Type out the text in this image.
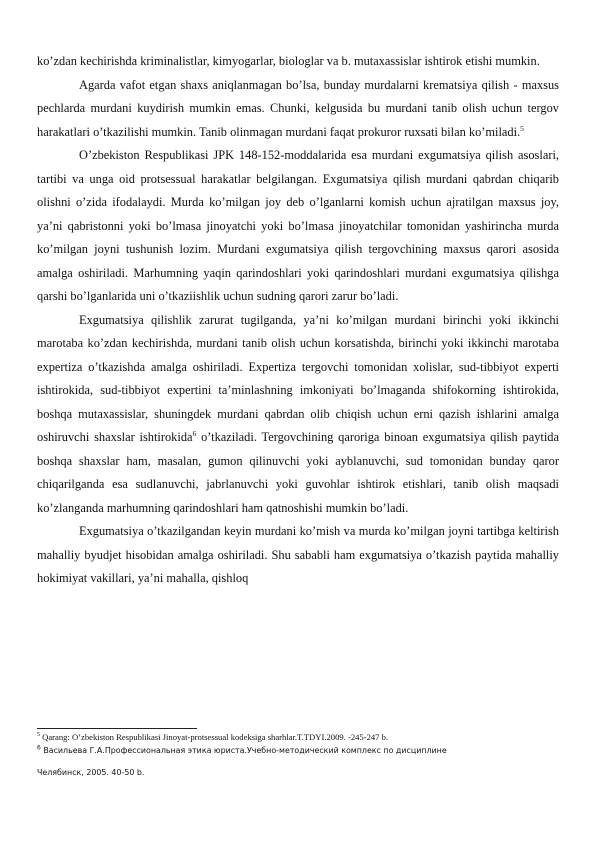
ko’zdan kechirishda kriminalistlar, kimyogarlar, biologlar va b. mutaxassislar ishtirok etishi mumkin.

Agarda vafot etgan shaxs aniqlanmagan bo’lsa, bunday murdalarni krematsiya qilish - maxsus pechlarda murdani kuydirish mumkin emas. Chunki, kelgusida bu murdani tanib olish uchun tergov harakatlari o’tkazilishi mumkin. Tanib olinmagan murdani faqat prokuror ruxsati bilan ko’miladi.$^5$

O’zbekiston Respublikasi JPK 148-152-moddalarida esa murdani exgumatsiya qilish asoslari, tartibi va unga oid protsessual harakatlar belgilangan. Exgumatsiya qilish murdani qabrdan chiqarib olishni o’zida ifodalaydi. Murda ko’milgan joy deb o’lganlarni komish uchun ajratilgan maxsus joy, ya’ni qabristonni yoki bo’lmasa jinoyatchi yoki bo’lmasa jinoyatchilar tomonidan yashirincha murda ko’milgan joyni tushunish lozim. Murdani exgumatsiya qilish tergovchining maxsus qarori asosida amalga oshiriladi. Marhumning yaqin qarindoshlari yoki qarindoshlari murdani exgumatsiya qilishga qarshi bo’lganlarida uni o’tkaziishlik uchun sudning qarori zarur bo’ladi.

Exgumatsiya qilishlik zarurat tugilganda, ya’ni ko’milgan murdani birinchi yoki ikkinchi marotaba ko’zdan kechirishda, murdani tanib olish uchun korsatishda, birinchi yoki ikkinchi marotaba expertiza o’tkazishda amalga oshiriladi. Expertiza tergovchi tomonidan xolislar, sud-tibbiyot experti ishtirokida, sud-tibbiyot expertini ta’minlashning imkoniyati bo’lmaganda shifokorning ishtirokida, boshqa mutaxassislar, shuningdek murdani qabrdan olib chiqish uchun erni qazish ishlarini amalga oshiruvchi shaxslar ishtirokida$^6$ o’tkaziladi. Tergovchining qaroriga binoan exgumatsiya qilish paytida boshqa shaxslar ham, masalan, gumon qilinuvchi yoki ayblanuvchi, sud tomonidan bunday qaror chiqarilganda esa sudlanuvchi, jabrlanuvchi yoki guvohlar ishtirok etishlari, tanib olish maqsadi ko’zlanganda marhumning qarindoshlari ham qatnoshishi mumkin bo’ladi.

Exgumatsiya o’tkazilgandan keyin murdani ko’mish va murda ko’milgan joyni tartibga keltirish mahalliy byudjet hisobidan amalga oshiriladi. Shu sababli ham exgumatsiya o’tkazish paytida mahalliy hokimiyat vakillari, ya’ni mahalla, qishloq

$^5$ Qarang: O’zbekiston Respublikasi Jinoyat-protsessual kodeksiga sharhlar.T.TDYI.2009. -245-247 b.

$^6$ Васильева Г.А.Профессиональная этика юриста.Учебно-методический комплекс по дисциплине

Челябинск, 2005. 40-50 b.
